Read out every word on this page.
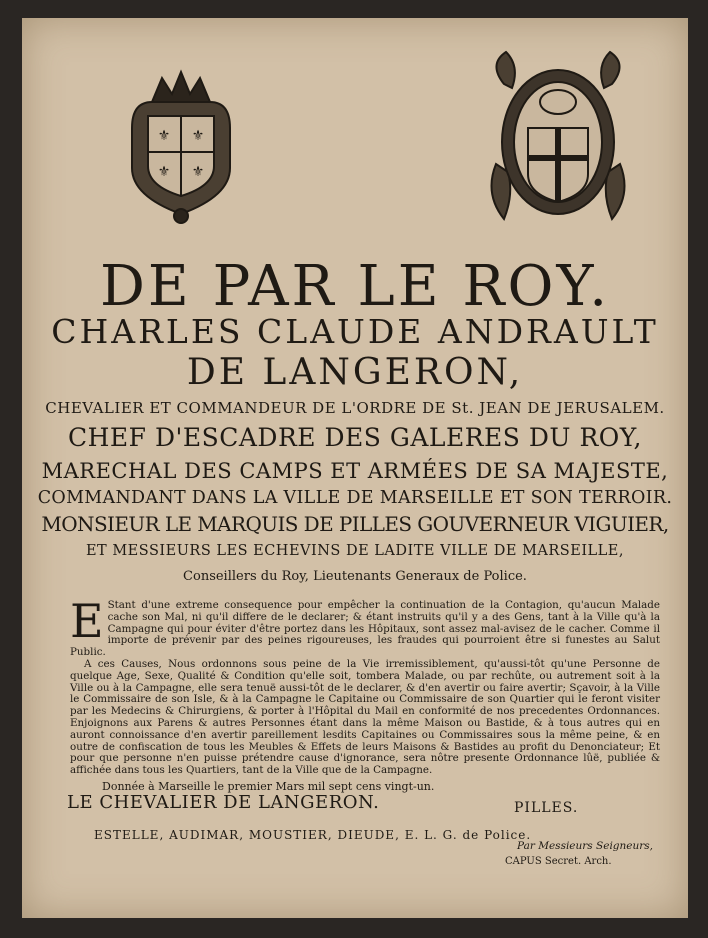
⚜ ⚜
⚜ ⚜
DE PAR LE ROY.
CHARLES CLAUDE ANDRAULT
DE LANGERON,
CHEVALIER ET COMMANDEUR DE L'ORDRE DE St. JEAN DE JERUSALEM.
CHEF D'ESCADRE DES GALERES DU ROY,
MARECHAL DES CAMPS ET ARMÉES DE SA MAJESTE,
COMMANDANT DANS LA VILLE DE MARSEILLE ET SON TERROIR.
MONSIEUR LE MARQUIS DE PILLES GOUVERNEUR VIGUIER,
ET MESSIEURS LES ECHEVINS DE LADITE VILLE DE MARSEILLE,
Conseillers du Roy, Lieutenants Generaux de Police.
E Stant d'une extreme consequence pour empêcher la continuation de la Contagion, qu'aucun Malade cache son Mal, ni qu'il differe de le declarer; & étant instruits qu'il y a des Gens, tant à la Ville qu'à la Campagne qui pour éviter d'être portez dans les Hôpitaux, sont assez mal-avisez de le cacher. Comme il importe de prévenir par des peines rigoureuses, les fraudes qui pourroient être si funestes au Salut Public.

A ces Causes, Nous ordonnons sous peine de la Vie irremissiblement, qu'aussi-tôt qu'une Personne de quelque Age, Sexe, Qualité & Condition qu'elle soit, tombera Malade, ou par rechûte, ou autrement soit à la Ville ou à la Campagne, elle sera tenuë aussi-tôt de le declarer, & d'en avertir ou faire avertir; Sçavoir, à la Ville le Commissaire de son Isle, & à la Campagne le Capitaine ou Commissaire de son Quartier qui le feront visiter par les Medecins & Chirurgiens, & porter à l'Hôpital du Mail en conformité de nos precedentes Ordonnances. Enjoignons aux Parens & autres Personnes étant dans la même Maison ou Bastide, & à tous autres qui en auront connoissance d'en avertir pareillement lesdits Capitaines ou Commissaires sous la même peine, & en outre de confiscation de tous les Meubles & Effets de leurs Maisons & Bastides au profit du Denonciateur; Et pour que personne n'en puisse prétendre cause d'ignorance, sera nôtre presente Ordonnance lûë, publiée & affichée dans tous les Quartiers, tant de la Ville que de la Campagne.

Donnée à Marseille le premier Mars mil sept cens vingt-un.
LE CHEVALIER DE LANGERON.	PILLES.
ESTELLE, AUDIMAR, MOUSTIER, DIEUDE, E. L. G. de Police.
Par Messieurs Seigneurs,
CAPUS Secret. Arch.
